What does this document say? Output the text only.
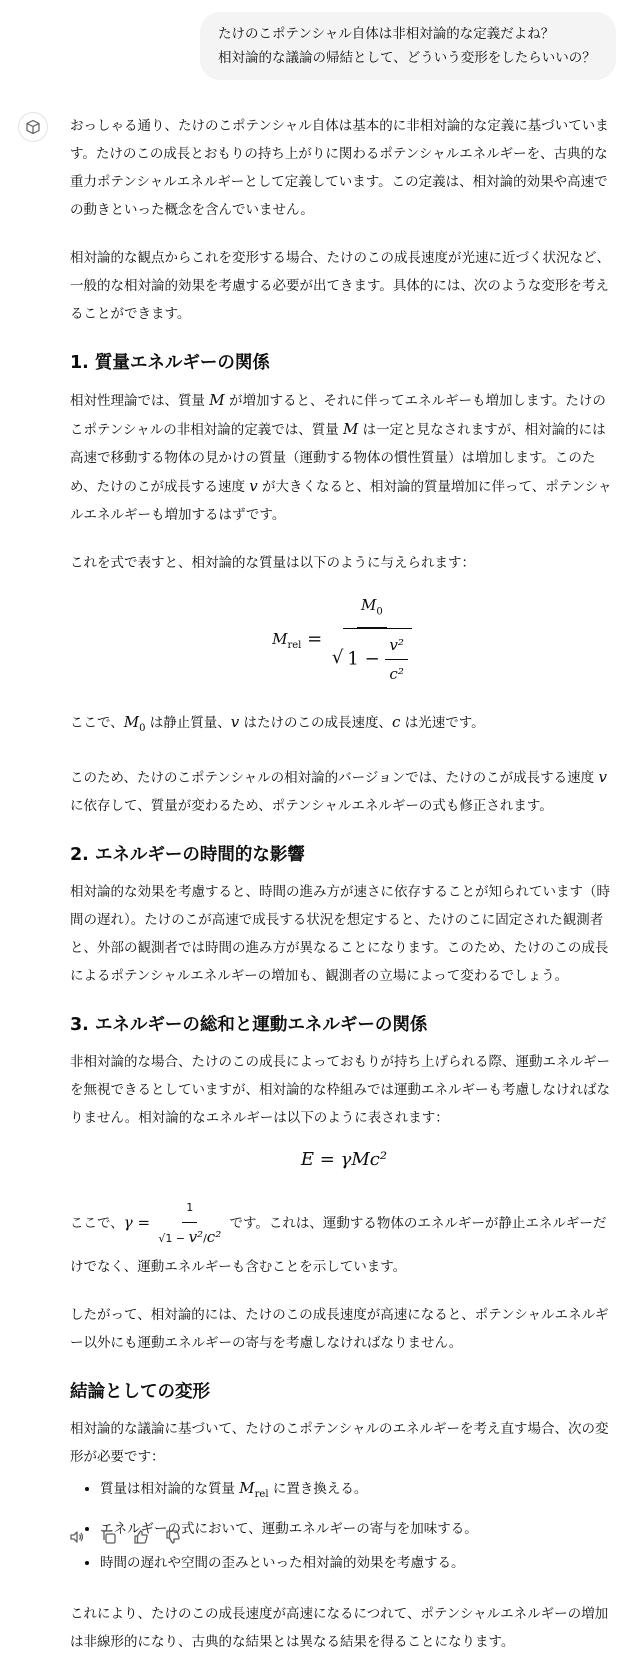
たけのこポテンシャル自体は非相対論的な定義だよね？
相対論的な議論の帰結として、どういう変形をしたらいいの？

おっしゃる通り、たけのこポテンシャル自体は基本的に非相対論的な定義に基づいています。たけのこの成長とおもりの持ち上がりに関わるポテンシャルエネルギーを、古典的な重力ポテンシャルエネルギーとして定義しています。この定義は、相対論的効果や高速での動きといった概念を含んでいません。

相対論的な観点からこれを変形する場合、たけのこの成長速度が光速に近づく状況など、一般的な相対論的効果を考慮する必要が出てきます。具体的には、次のような変形を考えることができます。

1. 質量エネルギーの関係

相対性理論では、質量 M が増加すると、それに伴ってエネルギーも増加します。たけのこポテンシャルの非相対論的定義では、質量 M は一定と見なされますが、相対論的には高速で移動する物体の見かけの質量（運動する物体の慣性質量）は増加します。このため、たけのこが成長する速度 v が大きくなると、相対論的質量増加に伴って、ポテンシャルエネルギーも増加するはずです。

これを式で表すと、相対論的な質量は以下のように与えられます：

$M_{rel} = \frac{M_0}{√ 1 - \frac{\text{v²}}{\text{c²}}}$

ここで、$M_0$ は静止質量、v はたけのこの成長速度、c は光速です。

このため、たけのこポテンシャルの相対論的バージョンでは、たけのこが成長する速度 v に依存して、質量が変わるため、ポテンシャルエネルギーの式も修正されます。

2. エネルギーの時間的な影響

相対論的な効果を考慮すると、時間の進み方が速さに依存することが知られています（時間の遅れ）。たけのこが高速で成長する状況を想定すると、たけのこに固定された観測者と、外部の観測者では時間の進み方が異なることになります。このため、たけのこの成長によるポテンシャルエネルギーの増加も、観測者の立場によって変わるでしょう。

3. エネルギーの総和と運動エネルギーの関係

非相対論的な場合、たけのこの成長によっておもりが持ち上げられる際、運動エネルギーを無視できるとしていますが、相対論的な枠組みでは運動エネルギーも考慮しなければなりません。相対論的なエネルギーは以下のように表されます：

E = γMc²

ここで、$\gamma = \frac{1}{\text{√1 − v²/c²}}$ です。これは、運動する物体のエネルギーが静止エネルギーだけでなく、運動エネルギーも含むことを示しています。

したがって、相対論的には、たけのこの成長速度が高速になると、ポテンシャルエネルギー以外にも運動エネルギーの寄与を考慮しなければなりません。

結論としての変形

相対論的な議論に基づいて、たけのこポテンシャルのエネルギーを考え直す場合、次の変形が必要です：

• 質量は相対論的な質量 $M_{rel}$ に置き換える。
• エネルギーの式において、運動エネルギーの寄与を加味する。
• 時間の遅れや空間の歪みといった相対論的効果を考慮する。

これにより、たけのこの成長速度が高速になるにつれて、ポテンシャルエネルギーの増加は非線形的になり、古典的な結果とは異なる結果を得ることになります。
